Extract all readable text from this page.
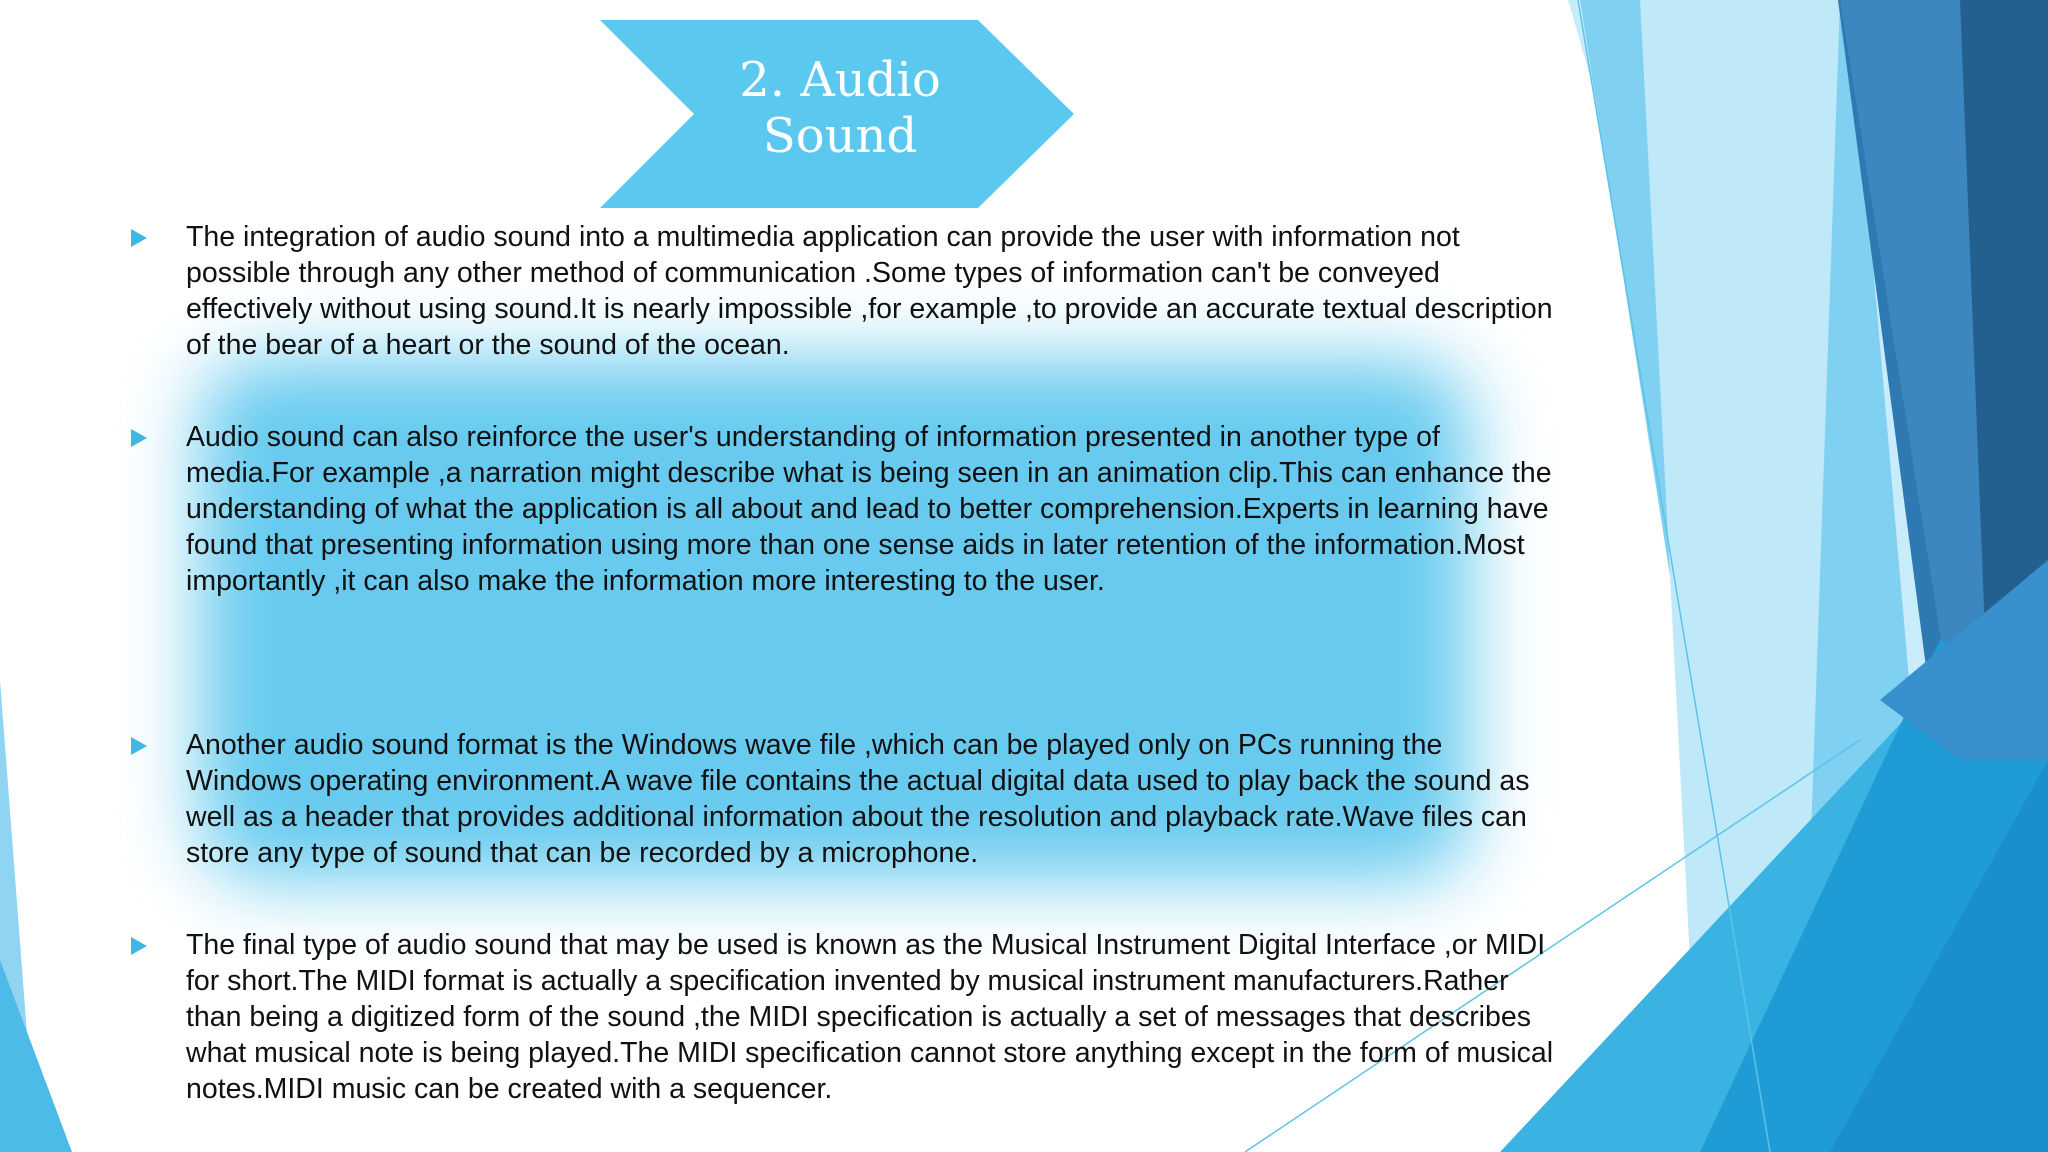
2. Audio Sound

The integration of audio sound into a multimedia application can provide the user with information not possible through any other method of communication .Some types of information can't be conveyed effectively without using sound.It is nearly impossible ,for example ,to provide an accurate textual description of the bear of a heart or the sound of the ocean.

Audio sound can also reinforce the user's understanding of information presented in another type of media.For example ,a narration might describe what is being seen in an animation clip.This can enhance the understanding of what the application is all about and lead to better comprehension.Experts in learning have found that presenting information using more than one sense aids in later retention of the information.Most importantly ,it can also make the information more interesting to the user.

Another audio sound format is the Windows wave file ,which can be played only on PCs running the Windows operating environment.A wave file contains the actual digital data used to play back the sound as well as a header that provides additional information about the resolution and playback rate.Wave files can store any type of sound that can be recorded by a microphone.

The final type of audio sound that may be used is known as the Musical Instrument Digital Interface ,or MIDI for short.The MIDI format is actually a specification invented by musical instrument manufacturers.Rather than being a digitized form of the sound ,the MIDI specification is actually a set of messages that describes what musical note is being played.The MIDI specification cannot store anything except in the form of musical notes.MIDI music can be created with a sequencer.
